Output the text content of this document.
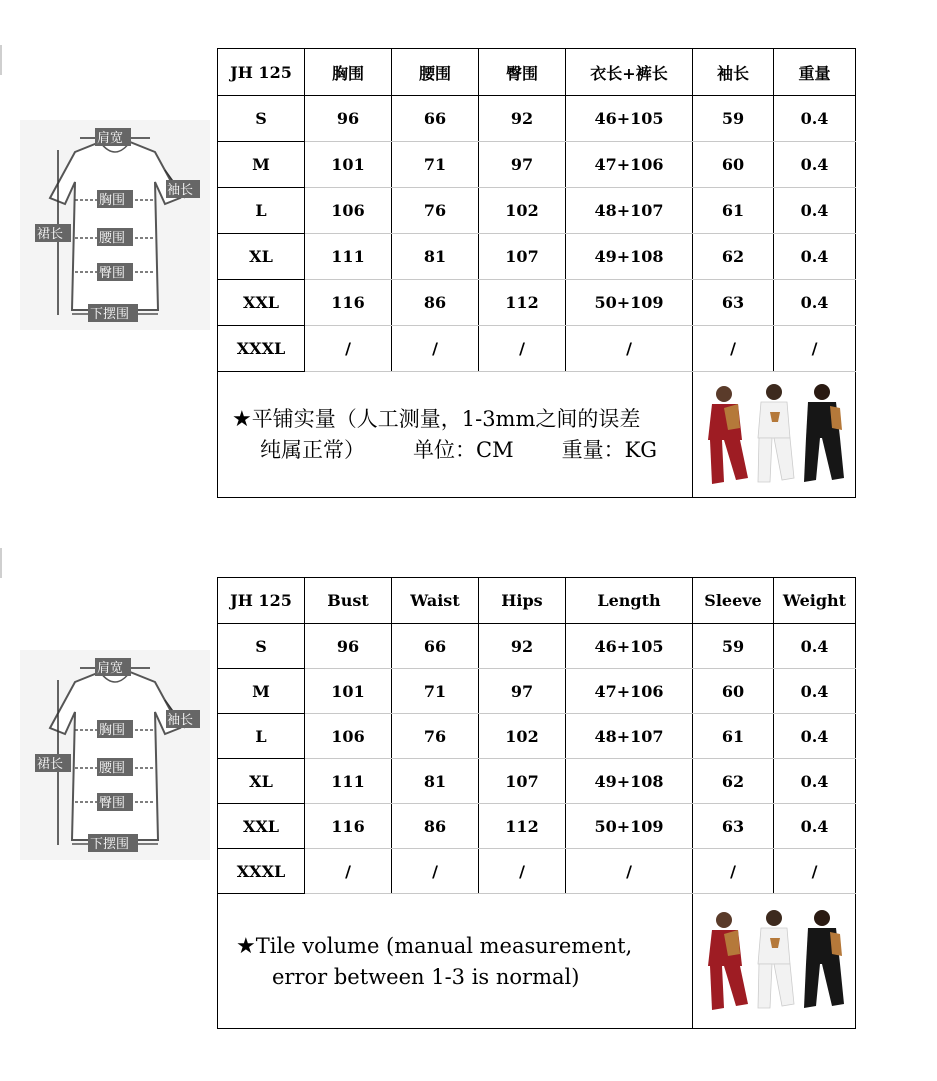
肩宽
胸围
袖长
裙长	腰围
臀围
下摆围
JH 125	胸围	腰围	臀围	衣长+裤长	袖长	重量
S	96	66	92	46+105	59	0.4
M	101	71	97	47+106	60	0.4
L	106	76	102	48+107	61	0.4
XL	111	81	107	49+108	62	0.4
XXL	116	86	112	50+109	63	0.4
XXXL	/	/	/	/	/	/
★平铺实量（人工测量，1-3mm之间的误差
纯属正常） 单位：CM 重量：KG

肩宽
胸围
袖长
裙长	腰围
臀围
下摆围
JH 125	Bust	Waist	Hips	Length	Sleeve	Weight
S	96	66	92	46+105	59	0.4
M	101	71	97	47+106	60	0.4
L	106	76	102	48+107	61	0.4
XL	111	81	107	49+108	62	0.4
XXL	116	86	112	50+109	63	0.4
XXXL	/	/	/	/	/	/
★Tile volume (manual measurement,
error between 1-3 is normal)
